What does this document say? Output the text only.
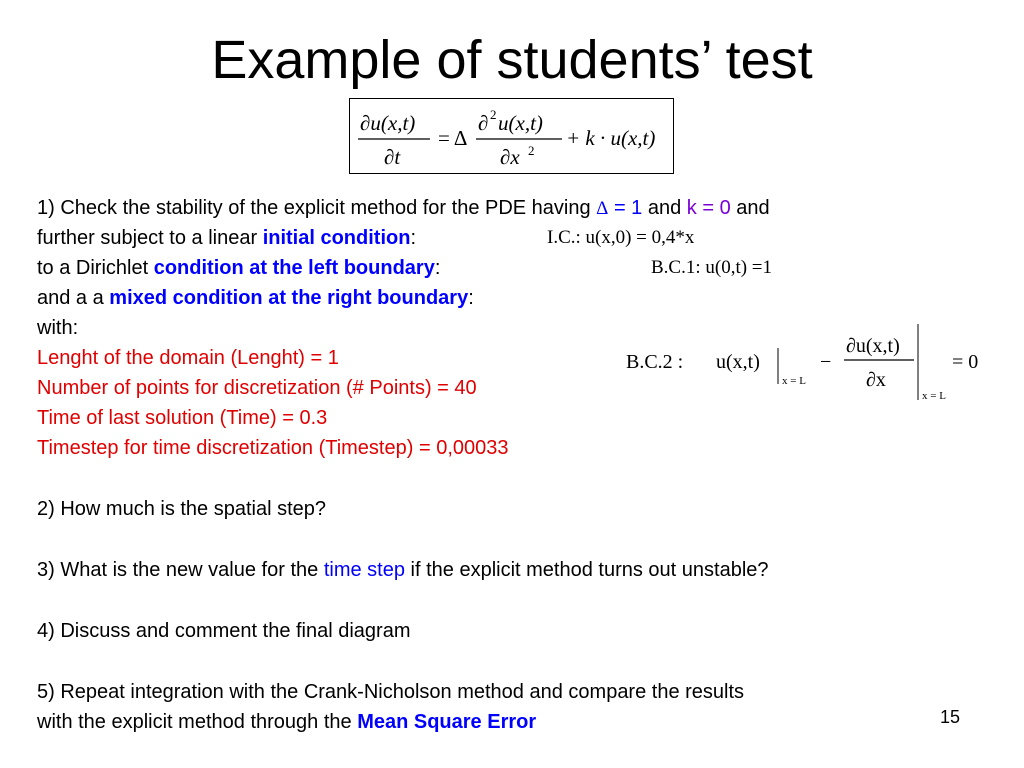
Example of students’ test
∂u(x,t)
∂t
= Δ
∂ 2 u(x,t)
∂x 2
+ k · u(x,t)
1) Check the stability of the explicit method for the PDE having Δ = 1 and k = 0 and
further subject to a linear initial condition:	I.C.: u(x,0) = 0,4*x
to a Dirichlet condition at the left boundary:	B.C.1: u(0,t) =1
and a a mixed condition at the right boundary:
with:
Lenght of the domain (Lenght) = 1
Number of points for discretization (# Points) = 40
Time of last solution (Time) = 0.3
Timestep for time discretization (Timestep) = 0,00033
2) How much is the spatial step?
3) What is the new value for the time step if the explicit method turns out unstable?
4) Discuss and comment the final diagram
5) Repeat integration with the Crank-Nicholson method and compare the results
with the explicit method through the Mean Square Error
B.C.2 : u(x,t)
x = L
−
∂u(x,t)
∂x
x = L
= 0
15
